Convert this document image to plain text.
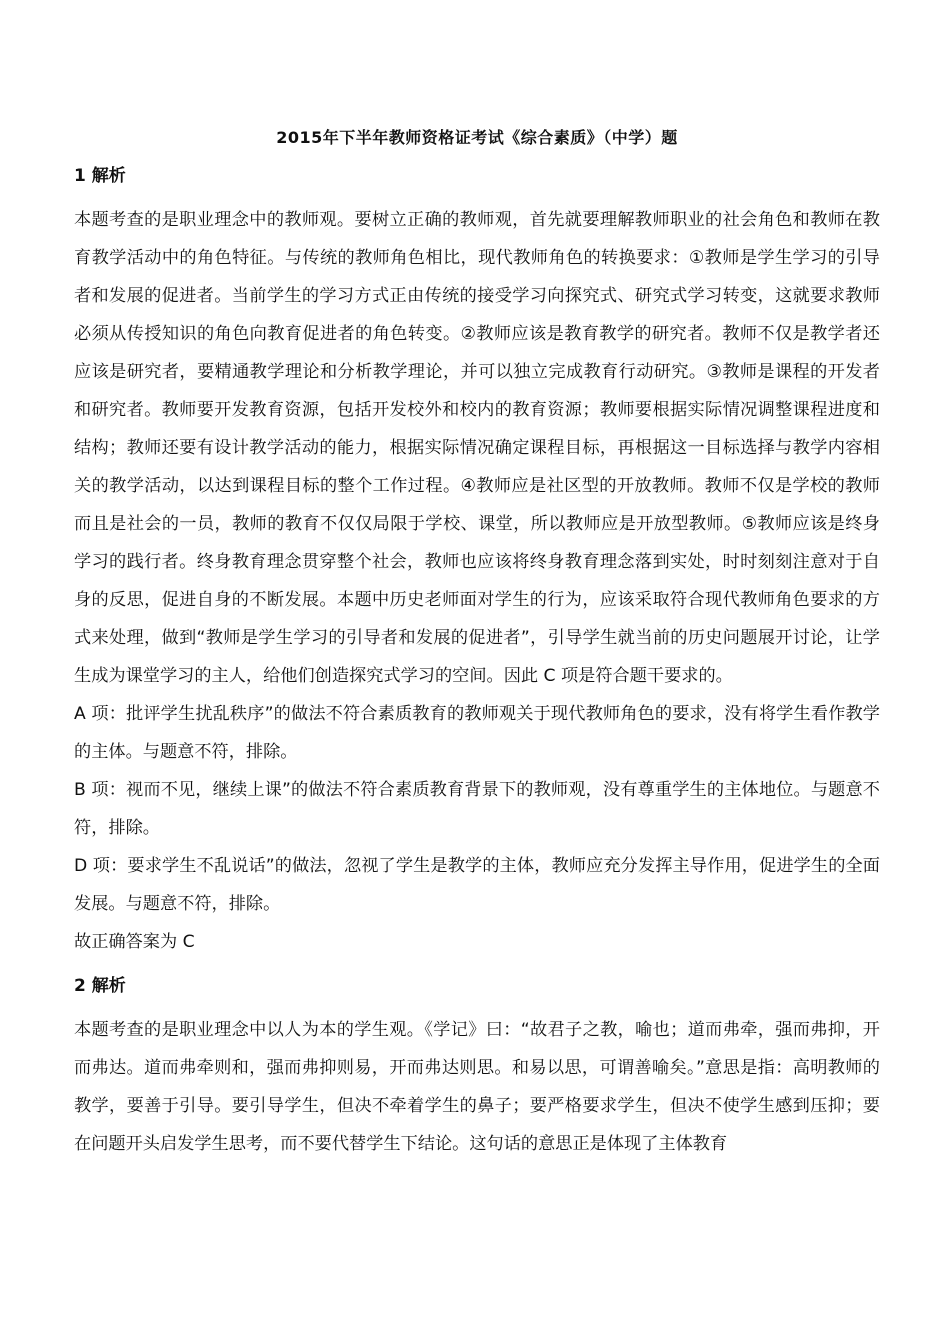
2015年下半年教师资格证考试《综合素质》（中学）题
1 解析

本题考查的是职业理念中的教师观。要树立正确的教师观，首先就要理解教师职业的社会角色和教师在教育教学活动中的角色特征。与传统的教师角色相比，现代教师角色的转换要求：①教师是学生学习的引导者和发展的促进者。当前学生的学习方式正由传统的接受学习向探究式、研究式学习转变，这就要求教师必须从传授知识的角色向教育促进者的角色转变。②教师应该是教育教学的研究者。教师不仅是教学者还应该是研究者，要精通教学理论和分析教学理论，并可以独立完成教育行动研究。③教师是课程的开发者和研究者。教师要开发教育资源，包括开发校外和校内的教育资源；教师要根据实际情况调整课程进度和结构；教师还要有设计教学活动的能力，根据实际情况确定课程目标，再根据这一目标选择与教学内容相关的教学活动，以达到课程目标的整个工作过程。④教师应是社区型的开放教师。教师不仅是学校的教师而且是社会的一员，教师的教育不仅仅局限于学校、课堂，所以教师应是开放型教师。⑤教师应该是终身学习的践行者。终身教育理念贯穿整个社会，教师也应该将终身教育理念落到实处，时时刻刻注意对于自身的反思，促进自身的不断发展。本题中历史老师面对学生的行为，应该采取符合现代教师角色要求的方式来处理，做到“教师是学生学习的引导者和发展的促进者”，引导学生就当前的历史问题展开讨论，让学生成为课堂学习的主人，给他们创造探究式学习的空间。因此 C 项是符合题干要求的。

A 项：批评学生扰乱秩序”的做法不符合素质教育的教师观关于现代教师角色的要求，没有将学生看作教学的主体。与题意不符，排除。

B 项：视而不见，继续上课”的做法不符合素质教育背景下的教师观，没有尊重学生的主体地位。与题意不符，排除。

D 项：要求学生不乱说话”的做法，忽视了学生是教学的主体，教师应充分发挥主导作用，促进学生的全面发展。与题意不符，排除。

故正确答案为 C

2 解析

本题考查的是职业理念中以人为本的学生观。《学记》曰：“故君子之教，喻也；道而弗牵，强而弗抑，开而弗达。道而弗牵则和，强而弗抑则易，开而弗达则思。和易以思，可谓善喻矣。”意思是指：高明教师的教学，要善于引导。要引导学生，但决不牵着学生的鼻子；要严格要求学生，但决不使学生感到压抑；要在问题开头启发学生思考，而不要代替学生下结论。这句话的意思正是体现了主体教育
